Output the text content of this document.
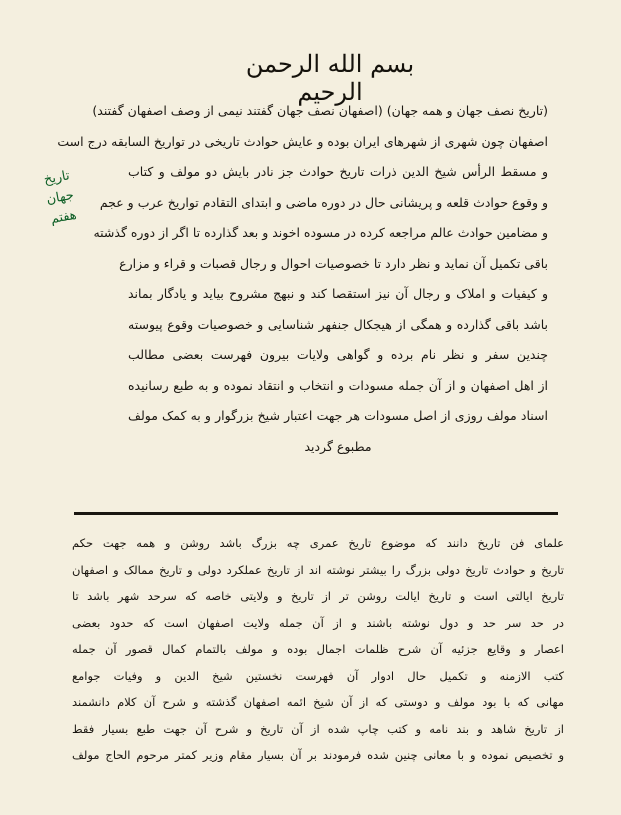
بسم الله الرحمن الرحيم
تاریخ
جهان
هفتم
(تاریخ نصف جهان و همه جهان) (اصفهان نصف جهان گفتند نیمی از وصف اصفهان گفتند)
اصفهان چون شهری از شهرهای ایران بوده و عایش حوادث تاریخی در تواریخ السابقه درج است
و مسقط الرأس شیخ الدین ذرات تاریخ حوادث جز نادر بایش دو مولف و کتاب
و وقوع حوادث قلعه و پریشانی حال در دوره ماضی و ابتدای التقادم تواریخ عرب و عجم
و مضامین حوادث عالم مراجعه کرده در مسوده اخوند و بعد گذارده تا اگر از دوره گذشته
باقی تکمیل آن نماید و نظر دارد تا خصوصیات احوال و رجال قصبات و قراء و مزارع
و کیفیات و املاک و رجال آن نیز استقصا کند و نبهج مشروح بیاید و یادگار بماند
باشد باقی گذارده و همگی از هیجکال جنفهر شناسایی و خصوصیات وقوع پیوسته
چندین سفر و نظر نام برده و گواهی ولایات بیرون فهرست بعضی مطالب
از اهل اصفهان و از آن جمله مسودات و انتخاب و انتقاد نموده و به طبع رسانیده
اسناد مولف روزی از اصل مسودات هر جهت اعتبار شیخ بزرگوار و به کمک مولف
مطبوع گردید
علمای فن تاریخ دانند که موضوع تاریخ عمری چه بزرگ باشد روشن و همه جهت حکم
تاریخ و حوادث تاریخ دولی بزرگ را بیشتر نوشته اند از تاریخ عملکرد دولی و تاریخ ممالک و اصفهان
تاریخ ایالتی است و تاریخ ایالت روشن تر از تاریخ و ولایتی خاصه که سرحد شهر باشد تا
در حد سر حد و دول نوشته باشند و از آن جمله ولایت اصفهان است که حدود بعضی
اعصار و وقایع جزئیه آن شرح ظلمات اجمال بوده و مولف بالتمام کمال قصور آن جمله
کتب الازمنه و تکمیل حال ادوار آن فهرست نخستین شیخ الدین و وفیات جوامع
مهانی که با بود مولف و دوستی که از آن شیخ ائمه اصفهان گذشته و شرح آن کلام دانشمند
از تاریخ شاهد و بند نامه و کتب چاپ شده از آن تاریخ و شرح آن جهت طبع بسیار فقط
و تخصیص نموده و با معانی چنین شده فرمودند بر آن بسیار مقام وزیر کمتر مرحوم الحاج مولف
